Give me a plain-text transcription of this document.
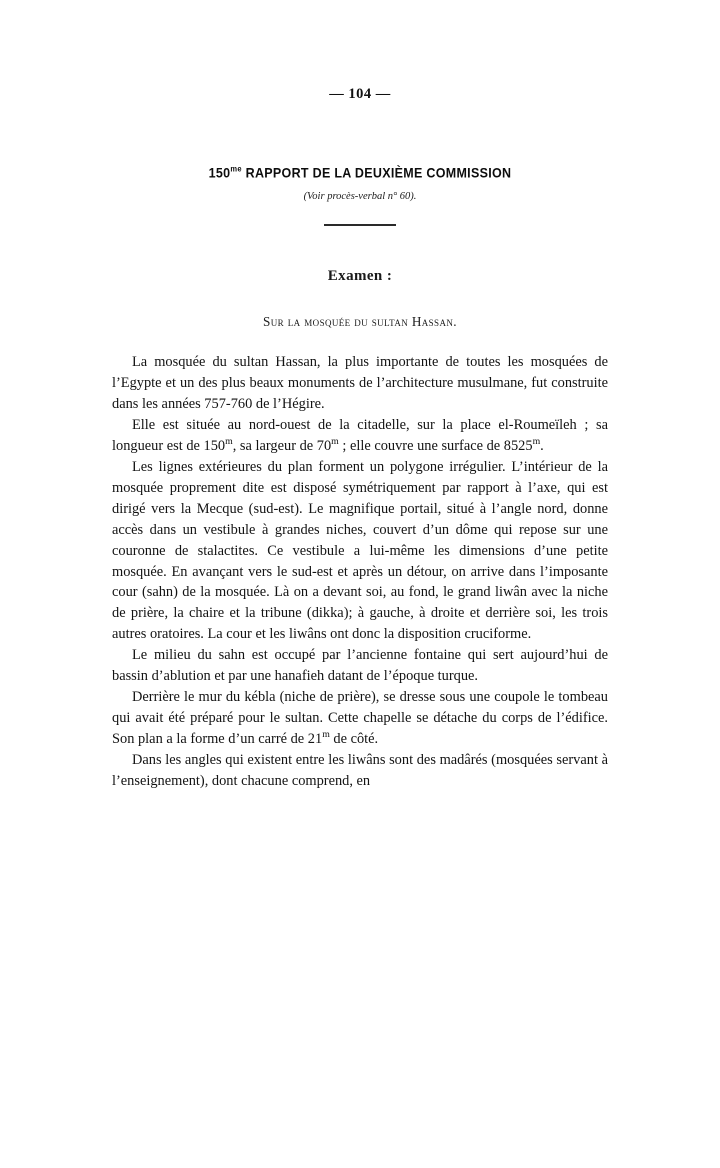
— 104 —
$150^{me}$ RAPPORT DE LA DEUXIÈME COMMISSION
(Voir procès-verbal n° 60).
Examen :
Sur la mosquée du sultan Hassan.

La mosquée du sultan Hassan, la plus importante de toutes les mosquées de l’Egypte et un des plus beaux monuments de l’architecture musulmane, fut construite dans les années 757-760 de l’Hégire.

Elle est située au nord-ouest de la citadelle, sur la place el-Roumeïleh ; sa longueur est de 150$^m$, sa largeur de 70$^m$ ; elle couvre une surface de 8525$^m$.

Les lignes extérieures du plan forment un polygone irrégulier. L’intérieur de la mosquée proprement dite est disposé symétriquement par rapport à l’axe, qui est dirigé vers la Mecque (sud-est). Le magnifique portail, situé à l’angle nord, donne accès dans un vestibule à grandes niches, couvert d’un dôme qui repose sur une couronne de stalactites. Ce vestibule a lui-même les dimensions d’une petite mosquée. En avançant vers le sud-est et après un détour, on arrive dans l’imposante cour (sahn) de la mosquée. Là on a devant soi, au fond, le grand liwân avec la niche de prière, la chaire et la tribune (dikka); à gauche, à droite et derrière soi, les trois autres oratoires. La cour et les liwâns ont donc la disposition cruciforme.

Le milieu du sahn est occupé par l’ancienne fontaine qui sert aujourd’hui de bassin d’ablution et par une hanafieh datant de l’époque turque.

Derrière le mur du kébla (niche de prière), se dresse sous une coupole le tombeau qui avait été préparé pour le sultan. Cette chapelle se détache du corps de l’édifice. Son plan a la forme d’un carré de 21$^m$ de côté.

Dans les angles qui existent entre les liwâns sont des madârés (mosquées servant à l’enseignement), dont chacune comprend, en
